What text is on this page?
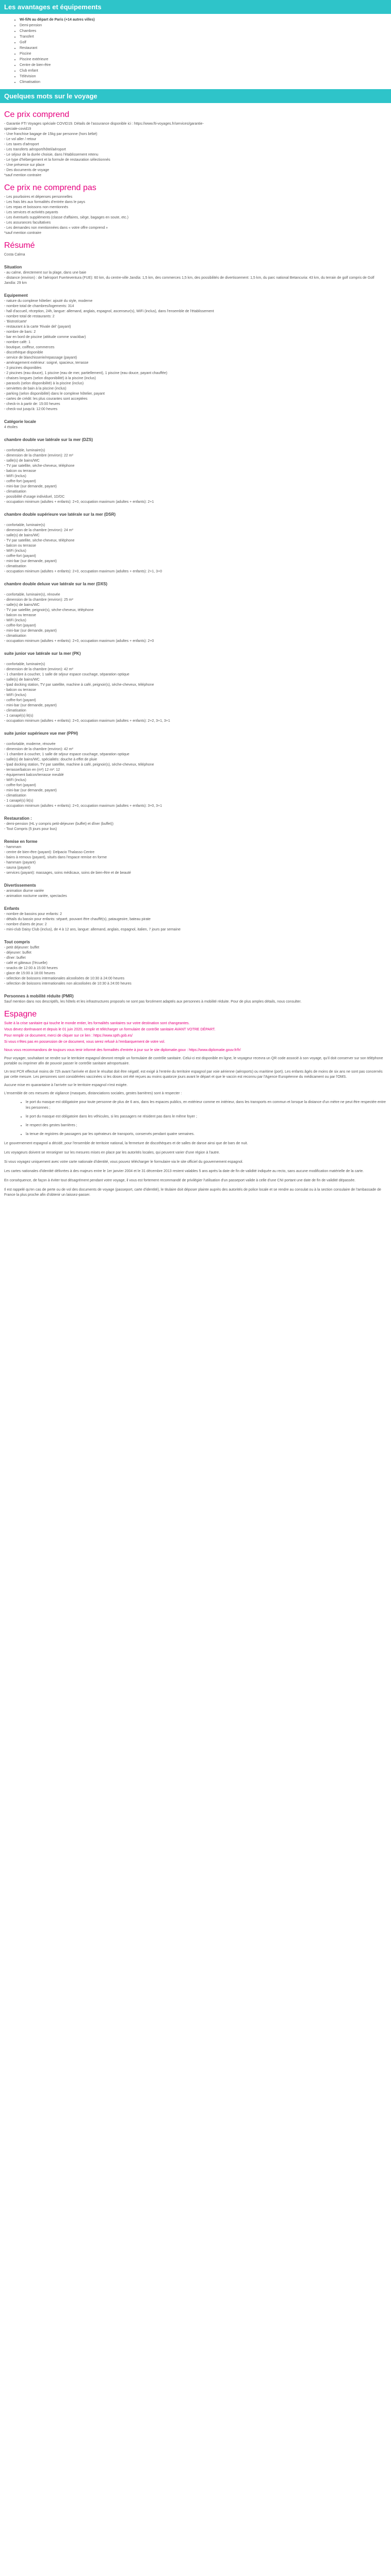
Les avantages et équipements
• Wi-fi/N au départ de Paris (+14 autres villes)
• Demi-pension
• Chambres
• Transfert
• Golf
• Restaurant
• Piscine
• Piscine extérieure
• Centre de bien-être
• Club enfant
• Télévision
• Climatisation
Quelques mots sur le voyage
Ce prix comprend
- Garantie FTI Voyages spéciale COVID19. Détails de l'assurance disponible ici : https://www.fti-voyages.fr/services/garantie-
speciale-covid19
- Une franchise bagage de 15kg par personne (hors bébé)
- Le vol aller / retour
- Les taxes d'aéroport
- Les transferts aéroport/hôtel/aéroport
- Le séjour de la durée choisie, dans l'établissement retenu
- Le type d'hébergement et la formule de restauration sélectionnés
- Une présence sur place
- Des documents de voyage
*sauf mention contraire
Ce prix ne comprend pas
- Les pourboires et dépenses personnelles
- Les frais liés aux formalités d'entrée dans le pays
- Les repas et boissons non mentionnés
- Les services et activités payants
- Les éventuels suppléments (classe d'affaires, siège, bagages en soute, etc.)
- Les assurances facultatives
- Les demandes non mentionnées dans « votre offre comprend »
*sauf mention contraire
Résumé
Costa Calma
Situation
- au calme, directement sur la plage, dans une baie
- distance (environ) : de l'aéroport Fuerteventura (FUE): 60 km, du centre-ville Jandía: 1,5 km, des commerces 1,5 km, des possibilités de divertissement: 1,5 km, du parc national Betancuria: 43 km, du terrain de golf compris de Golf Jandía: 29 km
Equipement
- nature du complexe hôtelier: ajouté du style, moderne
- nombre total de chambres/logements: 314
- hall d'accueil, réception, 24h, langue: allemand, anglais, espagnol, ascenseur(s), WiFi (inclus), dans l'ensemble de l'établissement
- nombre total de restaurants: 2
- 'Bistrot/carte'
- restaurant à la carte 'Rivale del' (payant)
- nombre de bars: 2
- bar en bord de piscine (attitude comme snackbar)
- nombre café: 1
- boutique, coiffeur, commerces
- discothèque disponible
- service de blanchisserie/repassage (payant)
- aménagement extérieur: soigné, spacieux, terrasse
- 3 piscines disponibles
- 2 piscines (eau douce), 1 piscine (eau de mer, partiellement), 1 piscine (eau douce, payant chauffée)
- chaises longues (selon disponibilité) à la piscine (inclus)
- parasols (selon disponibilité) à la piscine (inclus)
- serviettes de bain à la piscine (inclus)
- parking (selon disponibilité) dans le complexe hôtelier, payant
- cartes de crédit: les plus courantes sont acceptées
- check-in à partir de: 15:00 heures
- check-out jusqu'à: 12:00 heures
Catégorie locale
4 étoiles
chambre double vue latérale sur la mer (DZS)
- confortable, luminaire(s)
- dimension de la chambre (environ): 22 m²
- salle(s) de bains/WC
- TV par satellite, sèche-cheveux, téléphone
- balcon ou terrasse
- WiFi (inclus)
- coffre-fort (payant)
- mini-bar (sur demande, payant)
- climatisation
- possibilité d'usage individuel, 1D/DC
- occupation minimum (adultes + enfants): 2+0, occupation maximum (adultes + enfants): 2+1
chambre double supérieure vue latérale sur la mer (DSR)
- confortable, luminaire(s)
- dimension de la chambre (environ): 24 m²
- salle(s) de bains/WC
- TV par satellite, sèche-cheveux, téléphone
- balcon ou terrasse
- WiFi (inclus)
- coffre-fort (payant)
- mini-bar (sur demande, payant)
- climatisation
- occupation minimum (adultes + enfants): 2+0, occupation maximum (adultes + enfants): 2+1, 3+0
chambre double deluxe vue latérale sur la mer (DXS)
- confortable, luminaire(s), rénovée
- dimension de la chambre (environ): 25 m²
- salle(s) de bains/WC
- TV par satellite, peignoir(s), sèche-cheveux, téléphone
- balcon ou terrasse
- WiFi (inclus)
- coffre-fort (payant)
- mini-bar (sur demande, payant)
- climatisation
- occupation minimum (adultes + enfants): 2+0, occupation maximum (adultes + enfants): 2+0
suite junior vue latérale sur la mer (PK)
- confortable, luminaire(s)
- dimension de la chambre (environ): 42 m²
- 1 chambre à coucher, 1 salle de séjour espace couchage, séparation optique
- salle(s) de bains/WC
- lpad docking station, TV par satellite, machine à café, peignoir(s), sèche-cheveux, téléphone
- balcon ou terrasse
- WiFi (inclus)
- coffre-fort (payant)
- mini-bar (sur demande, payant)
- climatisation
- 1 canapé(s) lit(s)
- occupation minimum (adultes + enfants): 2+0, occupation maximum (adultes + enfants): 2+2, 3+1, 3+1
suite junior supérieure vue mer (PPH)
- confortable, moderne, rénovée
- dimension de la chambre (environ): 42 m²
- 1 chambre à coucher, 1 salle de séjour espace couchage, séparation optique
- salle(s) de bains/WC, spécialités: douche à effet de pluie
- lpad docking station, TV par satellite, machine à café, peignoir(s), sèche-cheveux, téléphone
- terrasse/balcon en (m²) 12 m²: 12
- équipement balcon/terrasse meublé
- WiFi (inclus)
- coffre-fort (payant)
- mini-bar (sur demande, payant)
- climatisation
- 1 canapé(s) lit(s)
- occupation minimum (adultes + enfants): 2+0, occupation maximum (adultes + enfants): 3+0, 3+1
Restauration :
- demi-pension (HL y compris petit-déjeuner (buffet) et dîner (buffet))
- Tout Compris (5 jours pour bus)
Remise en forme
- hammam
- centre de bien-être (payant): Delpacio Thalasso Centre
- bains à remous (payant), situés dans l'espace remise en forme
- hammam (payant)
- sauna (payant)
- services (payant): massages, soins médicaux, soins de bien-être et de beauté
Divertissements
- animation diurne variée
- animation nocturne variée, spectacles
Enfants
- nombre de bassins pour enfants: 2
- détails du bassin pour enfants: séparé, pouvant être chauffé(s), pataugeoire, bateau pirate
- nombre d'aires de jeux: 2
- mini-club Daisy Club (inclus), de 4 à 12 ans, langue: allemand, anglais, espagnol, italien, 7 jours par semaine
Tout compris
- petit déjeuner: buffet
- déjeuner: buffet
- dîner: buffet
- café et gâteaux (l'écuelle)
- snacks de 12:00 à 15:00 heures
- glace de 15:00 à 18:00 heures
- sélection de boissons internationales alcoolisées de 10:30 à 24:00 heures
- sélection de boissons internationales non alcoolisées de 10:30 à 24:00 heures
Personnes à mobilité réduite (PMR)
Sauf mention dans nos descriptifs, les hôtels et les infrastructures proposés ne sont pas forcément adaptés aux personnes à mobilité réduite. Pour de plus amples détails, nous consulter.
Espagne
Suite à la crise sanitaire qui touche le monde entier, les formalités sanitaires sur votre destination sont changeantes.
Vous devez dorénavant et depuis le 01 juin 2020, remplir et télécharger un formulaire de contrôle sanitaire AVANT VOTRE DÉPART.
Pour remplir ce document, merci de cliquer sur ce lien : https://www.spth.gob.es/
Si vous n'êtes pas en possession de ce document, vous serez refusé à l'embarquement de votre vol.
Nous vous recommandons de toujours vous tenir informé des formalités d'entrée à jour sur le site diplomatie.gouv : https://www.diplomatie.gouv.fr/fr/
Pour voyager, souhaitant se rendre sur le territoire espagnol devront remplir un formulaire de contrôle sanitaire. Celui-ci est disponible en ligne, le voyageur recevra un QR code associé à son voyage, qu'il doit conserver sur son téléphone portable ou imprimer afin de pouvoir passer le contrôle sanitaire aéroportuaire.
Un test PCR effectué moins de 72h avant l'arrivée et dont le résultat doit être négatif, est exigé à l'entrée du territoire espagnol par voie aérienne (aéroports) ou maritime (port). Les enfants âgés de moins de six ans ne sont pas concernés par cette mesure. Les personnes sont considérées vaccinées si les doses ont été reçues au moins quatorze jours avant le départ et que le vaccin est reconnu par l'Agence Européenne du médicament ou par l'OMS.
Aucune mise en quarantaine à l'arrivée sur le territoire espagnol n'est exigée.
L'ensemble de ces mesures de vigilance (masques, distanciations sociales, gestes barrières) sont à respecter :
• le port du masque est obligatoire pour toute personne de plus de 6 ans, dans les espaces publics, en extérieur comme en intérieur, dans les transports en commun et lorsque la distance d'un mètre ne peut être respectée entre les personnes ;
• le port du masque est obligatoire dans les véhicules, si les passagers ne résident pas dans le même foyer ;
• le respect des gestes barrières ;
• la tenue de registres de passagers par les opérateurs de transports, conservés pendant quatre semaines.
Le gouvernement espagnol a décidé, pour l'ensemble de territoire national, la fermeture de discothèques et de salles de danse ainsi que de bars de nuit.
Les voyageurs doivent se renseigner sur les mesures mises en place par les autorités locales, qui peuvent varier d'une région à l'autre.
Si vous voyagez uniquement avec votre carte nationale d'identité, vous pouvez télécharger le formulaire via le site officiel du gouvernement espagnol.
Les cartes nationales d'identité délivrées à des majeurs entre le 1er janvier 2004 et le 31 décembre 2013 restent valables 5 ans après la date de fin de validité indiquée au recto, sans aucune modification matérielle de la carte.
En conséquence, de façon à éviter tout désagrément pendant votre voyage, il vous est fortement recommandé de privilégier l'utilisation d'un passeport valide à celle d'une CNI portant une date de fin de validité dépassée.
Il est rappelé qu'en cas de perte ou de vol des documents de voyage (passeport, carte d'identité), le titulaire doit déposer plainte auprès des autorités de police locale et se rendre au consulat ou à la section consulaire de l'ambassade de France la plus proche afin d'obtenir un laissez-passer.
